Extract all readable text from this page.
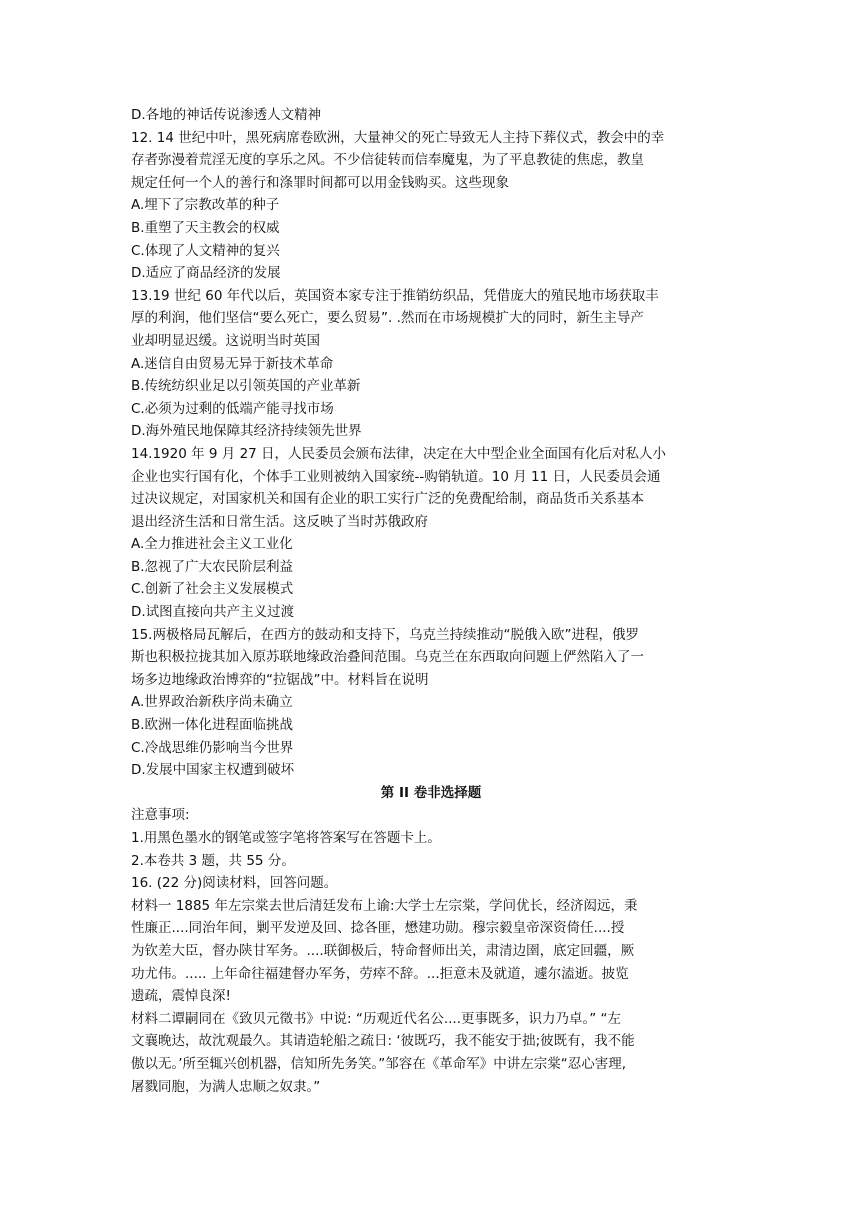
D.各地的神话传说渗透人文精神
12. 14 世纪中叶，黑死病席卷欧洲，大量神父的死亡导致无人主持下葬仪式，教会中的幸
存者弥漫着荒淫无度的享乐之风。不少信徒转而信奉魔鬼，为了平息教徒的焦虑，教皇
规定任何一个人的善行和涤罪时间都可以用金钱购买。这些现象
A.埋下了宗教改革的种子
B.重塑了天主教会的权威
C.体现了人文精神的复兴
D.适应了商品经济的发展
13.19 世纪 60 年代以后，英国资本家专注于推销纺织品，凭借庞大的殖民地市场获取丰
厚的利润，他们坚信“要么死亡，要么贸易”. .然而在市场规模扩大的同时，新生主导产
业却明显迟缓。这说明当时英国
A.迷信自由贸易无异于新技术革命
B.传统纺织业足以引领英国的产业革新
C.必须为过剩的低端产能寻找市场
D.海外殖民地保障其经济持续领先世界
14.1920 年 9 月 27 日，人民委员会颁布法律，决定在大中型企业全面国有化后对私人小
企业也实行国有化，个体手工业则被纳入国家统--购销轨道。10 月 11 日，人民委员会通
过决议规定，对国家机关和国有企业的职工实行广泛的免费配给制，商品货币关系基本
退出经济生活和日常生活。这反映了当时苏俄政府
A.全力推进社会主义工业化
B.忽视了广大农民阶层利益
C.创新了社会主义发展模式
D.试图直接向共产主义过渡
15.两极格局瓦解后，在西方的鼓动和支持下，乌克兰持续推动“脱俄入欧”进程，俄罗
斯也积极拉拢其加入原苏联地缘政治叠间范围。乌克兰在东西取向问题上俨然陷入了一
场多边地缘政治博弈的“拉锯战”中。材料旨在说明
A.世界政治新秩序尚未确立
B.欧洲一体化进程面临挑战
C.冷战思维仍影响当今世界
D.发展中国家主权遭到破坏
第 II 卷非选择题
注意事项:
1.用黑色墨水的钢笔或签字笔将答案写在答题卡上。
2.本卷共 3 题，共 55 分。
16. (22 分)阅读材料，回答问题。
材料一 1885 年左宗棠去世后清廷发布上谕:大学士左宗棠，学问优长，经济闳远，秉
性廉正....同治年间，剿平发逆及回、捻各匪，懋建功勋。穆宗毅皇帝深资倚任....授
为钦差大臣，督办陕甘军务。....联御极后，特命督师出关，肃清边圉，底定回疆，厥
功尤伟。..... 上年命往福建督办军务，劳瘁不辞。...拒意未及就道，遽尔溘逝。披览
遗疏，震悼良深!
材料二谭嗣同在《致贝元徵书》中说: “历观近代名公....更事既多，识力乃卓。” “左
文襄晚达，故沈观最久。其请造轮船之疏日: ‘彼既巧，我不能安于拙;彼既有，我不能
傲以无。’所至辄兴创机器，信知所先务笑。”邹容在《革命军》中讲左宗棠“忍心害理,
屠戮同胞，为满人忠顺之奴隶。”
